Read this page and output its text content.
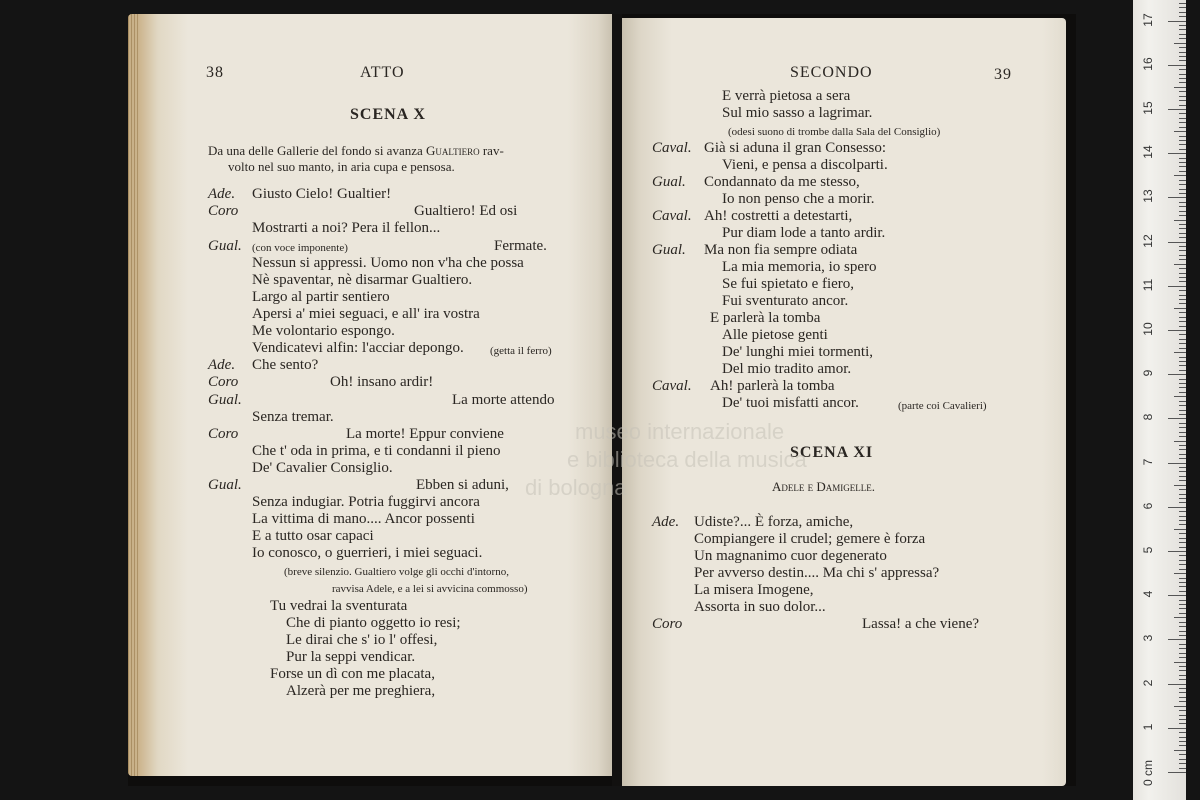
38	ATTO
SCENA X
Da una delle Gallerie del fondo si avanza Gualtiero rav-
volto nel suo manto, in aria cupa e pensosa.
Ade. Giusto Cielo! Gualtier!
Coro	Gualtiero! Ed osi
Mostrarti a noi? Pera il fellon...
Gual. (con voce imponente)	Fermate.
Nessun si appressi. Uomo non v'ha che possa
Nè spaventar, nè disarmar Gualtiero.
Largo al partir sentiero
Apersi a' miei seguaci, e all' ira vostra
Me volontario espongo.
Vendicatevi alfin: l'acciar depongo. (getta il ferro)
Ade. Che sento?
Coro	Oh! insano ardir!
Gual.	La morte attendo
Senza tremar.
Coro	La morte! Eppur conviene
Che t' oda in prima, e ti condanni il pieno
De' Cavalier Consiglio.
Gual.	Ebben si aduni,
Senza indugiar. Potria fuggirvi ancora
La vittima di mano.... Ancor possenti
E a tutto osar capaci
Io conosco, o guerrieri, i miei seguaci.
(breve silenzio. Gualtiero volge gli occhi d'intorno,
ravvisa Adele, e a lei si avvicina commosso)
Tu vedrai la sventurata
Che di pianto oggetto io resi;
Le dirai che s' io l' offesi,
Pur la seppi vendicar.
Forse un dì con me placata,
Alzerà per me preghiera,
SECONDO	39
E verrà pietosa a sera
Sul mio sasso a lagrimar.
(odesi suono di trombe dalla Sala del Consiglio)
Caval. Già si aduna il gran Consesso:
Vieni, e pensa a discolparti.
Gual. Condannato da me stesso,
Io non penso che a morir.
Caval. Ah! costretti a detestarti,
Pur diam lode a tanto ardir.
Gual. Ma non fia sempre odiata
La mia memoria, io spero
Se fui spietato e fiero,
Fui sventurato ancor.
E parlerà la tomba
Alle pietose genti
De' lunghi miei tormenti,
Del mio tradito amor.
Caval. Ah! parlerà la tomba
De' tuoi misfatti ancor.	(parte coi Cavalieri)
SCENA XI
Adele e Damigelle.
Ade. Udiste?... È forza, amiche,
Compiangere il crudel; gemere è forza
Un magnanimo cuor degenerato
Per avverso destin.... Ma chi s' appressa?
La misera Imogene,
Assorta in suo dolor...
Coro	Lassa! a che viene?
museo internazionale
e biblioteca della musica
di bologna
0 cm
1
2
3
4
5
6
7
8
9
10
11
12
13
14
15
16
17
